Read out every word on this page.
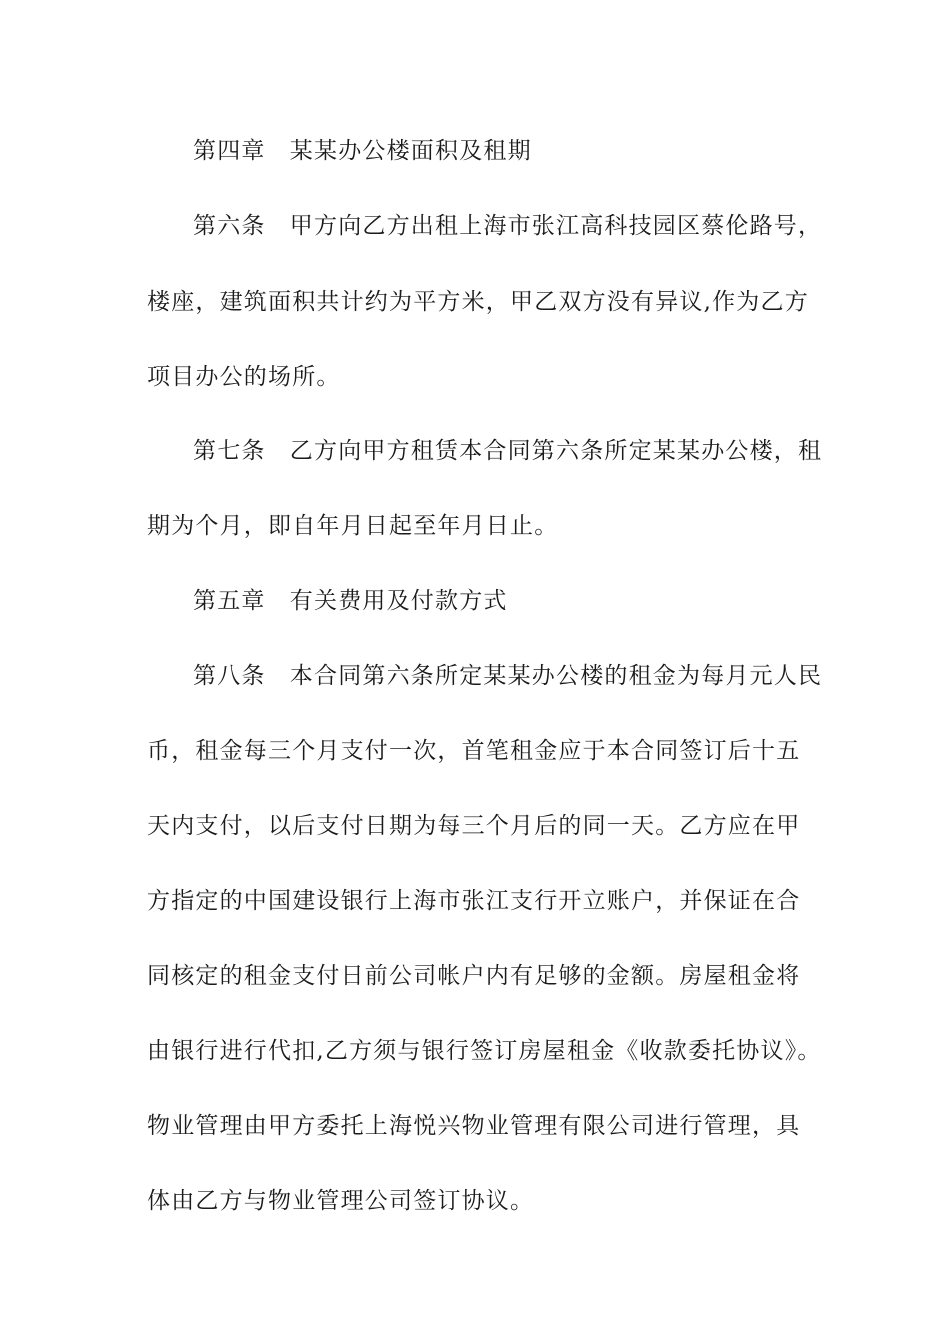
第四章　某某办公楼面积及租期
第六条　甲方向乙方出租上海市张江高科技园区蔡伦路号，
楼座，建筑面积共计约为平方米，甲乙双方没有异议,作为乙方
项目办公的场所。
第七条　乙方向甲方租赁本合同第六条所定某某办公楼，租
期为个月，即自年月日起至年月日止。
第五章　有关费用及付款方式
第八条　本合同第六条所定某某办公楼的租金为每月元人民
币，租金每三个月支付一次，首笔租金应于本合同签订后十五
天内支付，以后支付日期为每三个月后的同一天。乙方应在甲
方指定的中国建设银行上海市张江支行开立账户，并保证在合
同核定的租金支付日前公司帐户内有足够的金额。房屋租金将
由银行进行代扣,乙方须与银行签订房屋租金《收款委托协议》。
物业管理由甲方委托上海悦兴物业管理有限公司进行管理，具
体由乙方与物业管理公司签订协议。
